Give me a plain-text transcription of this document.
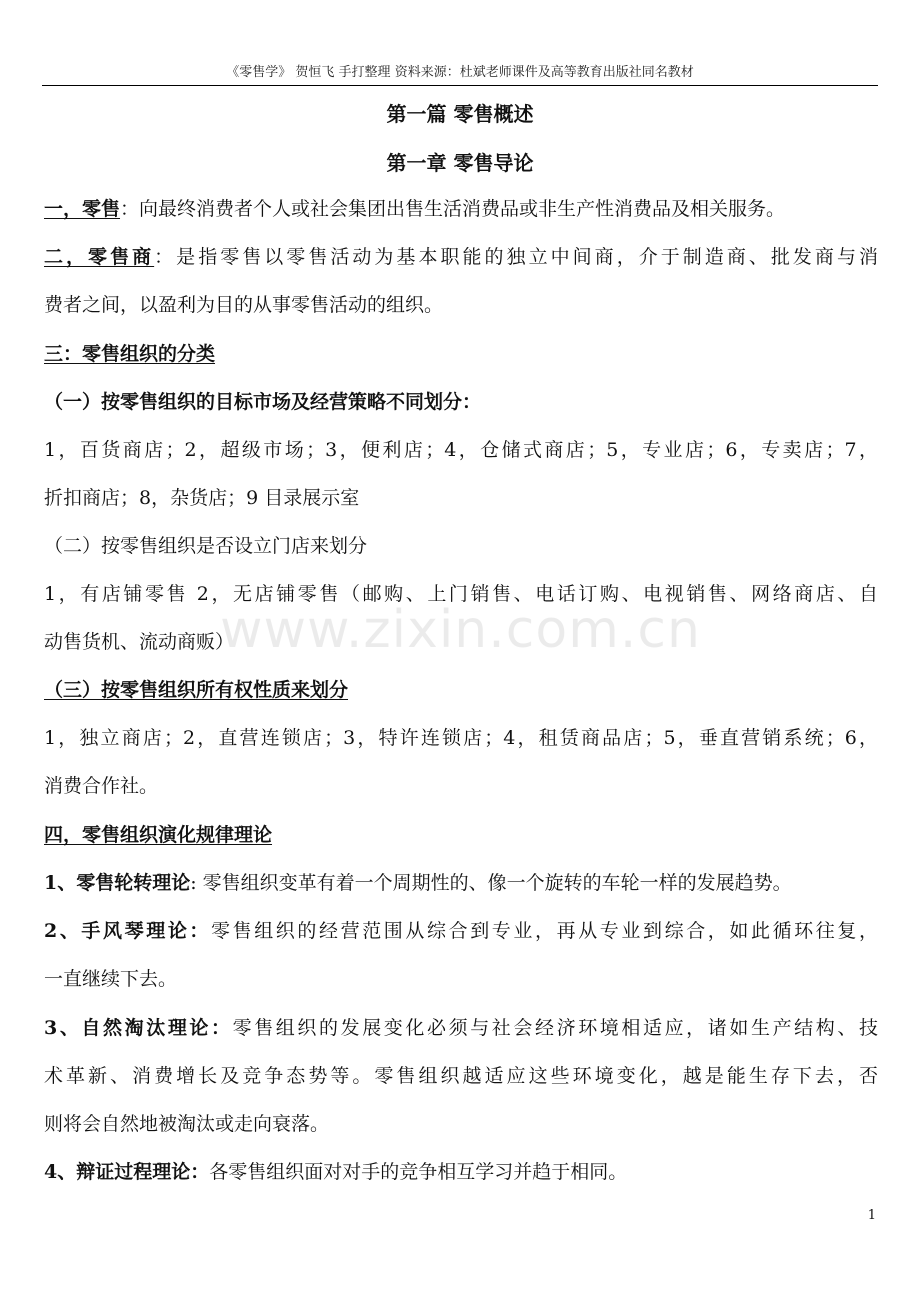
《零售学》 贺恒飞 手打整理 资料来源：杜斌老师课件及高等教育出版社同名教材
第一篇 零售概述
第一章 零售导论
一，零售：向最终消费者个人或社会集团出售生活消费品或非生产性消费品及相关服务。
二，零售商：是指零售以零售活动为基本职能的独立中间商，介于制造商、批发商与消
费者之间，以盈利为目的从事零售活动的组织。
三：零售组织的分类
（一）按零售组织的目标市场及经营策略不同划分：
1，百货商店；2，超级市场；3，便利店；4，仓储式商店；5，专业店；6，专卖店；7，
折扣商店；8，杂货店；9 目录展示室
（二）按零售组织是否设立门店来划分
1，有店铺零售 2，无店铺零售（邮购、上门销售、电话订购、电视销售、网络商店、自
动售货机、流动商贩）
（三）按零售组织所有权性质来划分
1，独立商店；2，直营连锁店；3，特许连锁店；4，租赁商品店；5，垂直营销系统；6，
消费合作社。
四，零售组织演化规律理论
1、零售轮转理论: 零售组织变革有着一个周期性的、像一个旋转的车轮一样的发展趋势。
2、手风琴理论：零售组织的经营范围从综合到专业，再从专业到综合，如此循环往复，
一直继续下去。
3、自然淘汰理论：零售组织的发展变化必须与社会经济环境相适应，诸如生产结构、技
术革新、消费增长及竞争态势等。零售组织越适应这些环境变化，越是能生存下去，否
则将会自然地被淘汰或走向衰落。
4、辩证过程理论：各零售组织面对对手的竞争相互学习并趋于相同。
www.zixin.com.cn
1
